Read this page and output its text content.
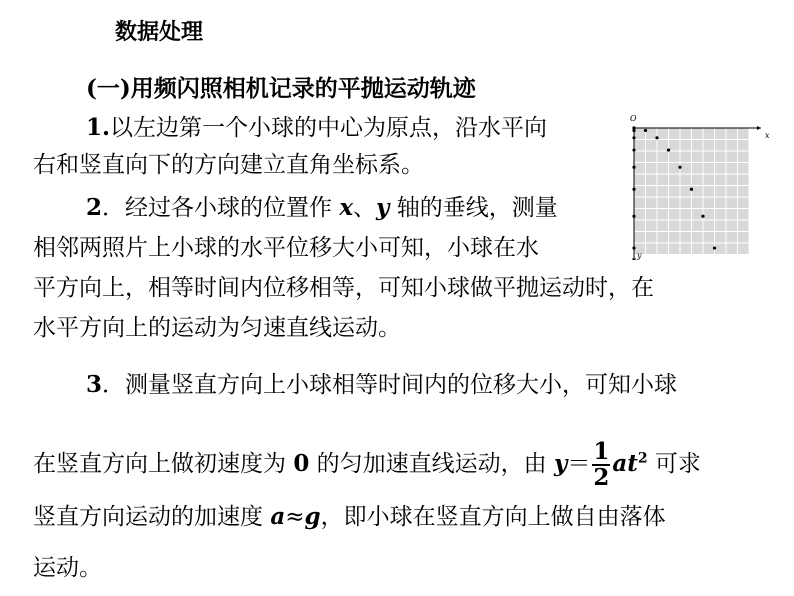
数据处理
(一)用频闪照相机记录的平抛运动轨迹
1.以左边第一个小球的中心为原点，沿水平向
右和竖直向下的方向建立直角坐标系。
2．经过各小球的位置作 x、y 轴的垂线，测量
相邻两照片上小球的水平位移大小可知，小球在水
平方向上，相等时间内位移相等，可知小球做平抛运动时，在
水平方向上的运动为匀速直线运动。
3．测量竖直方向上小球相等时间内的位移大小，可知小球
在竖直方向上做初速度为 0 的匀加速直线运动，由 $y= \frac{1}{2} at^2$ 可求
竖直方向运动的加速度 a≈g，即小球在竖直方向上做自由落体
运动。
O
x
y
